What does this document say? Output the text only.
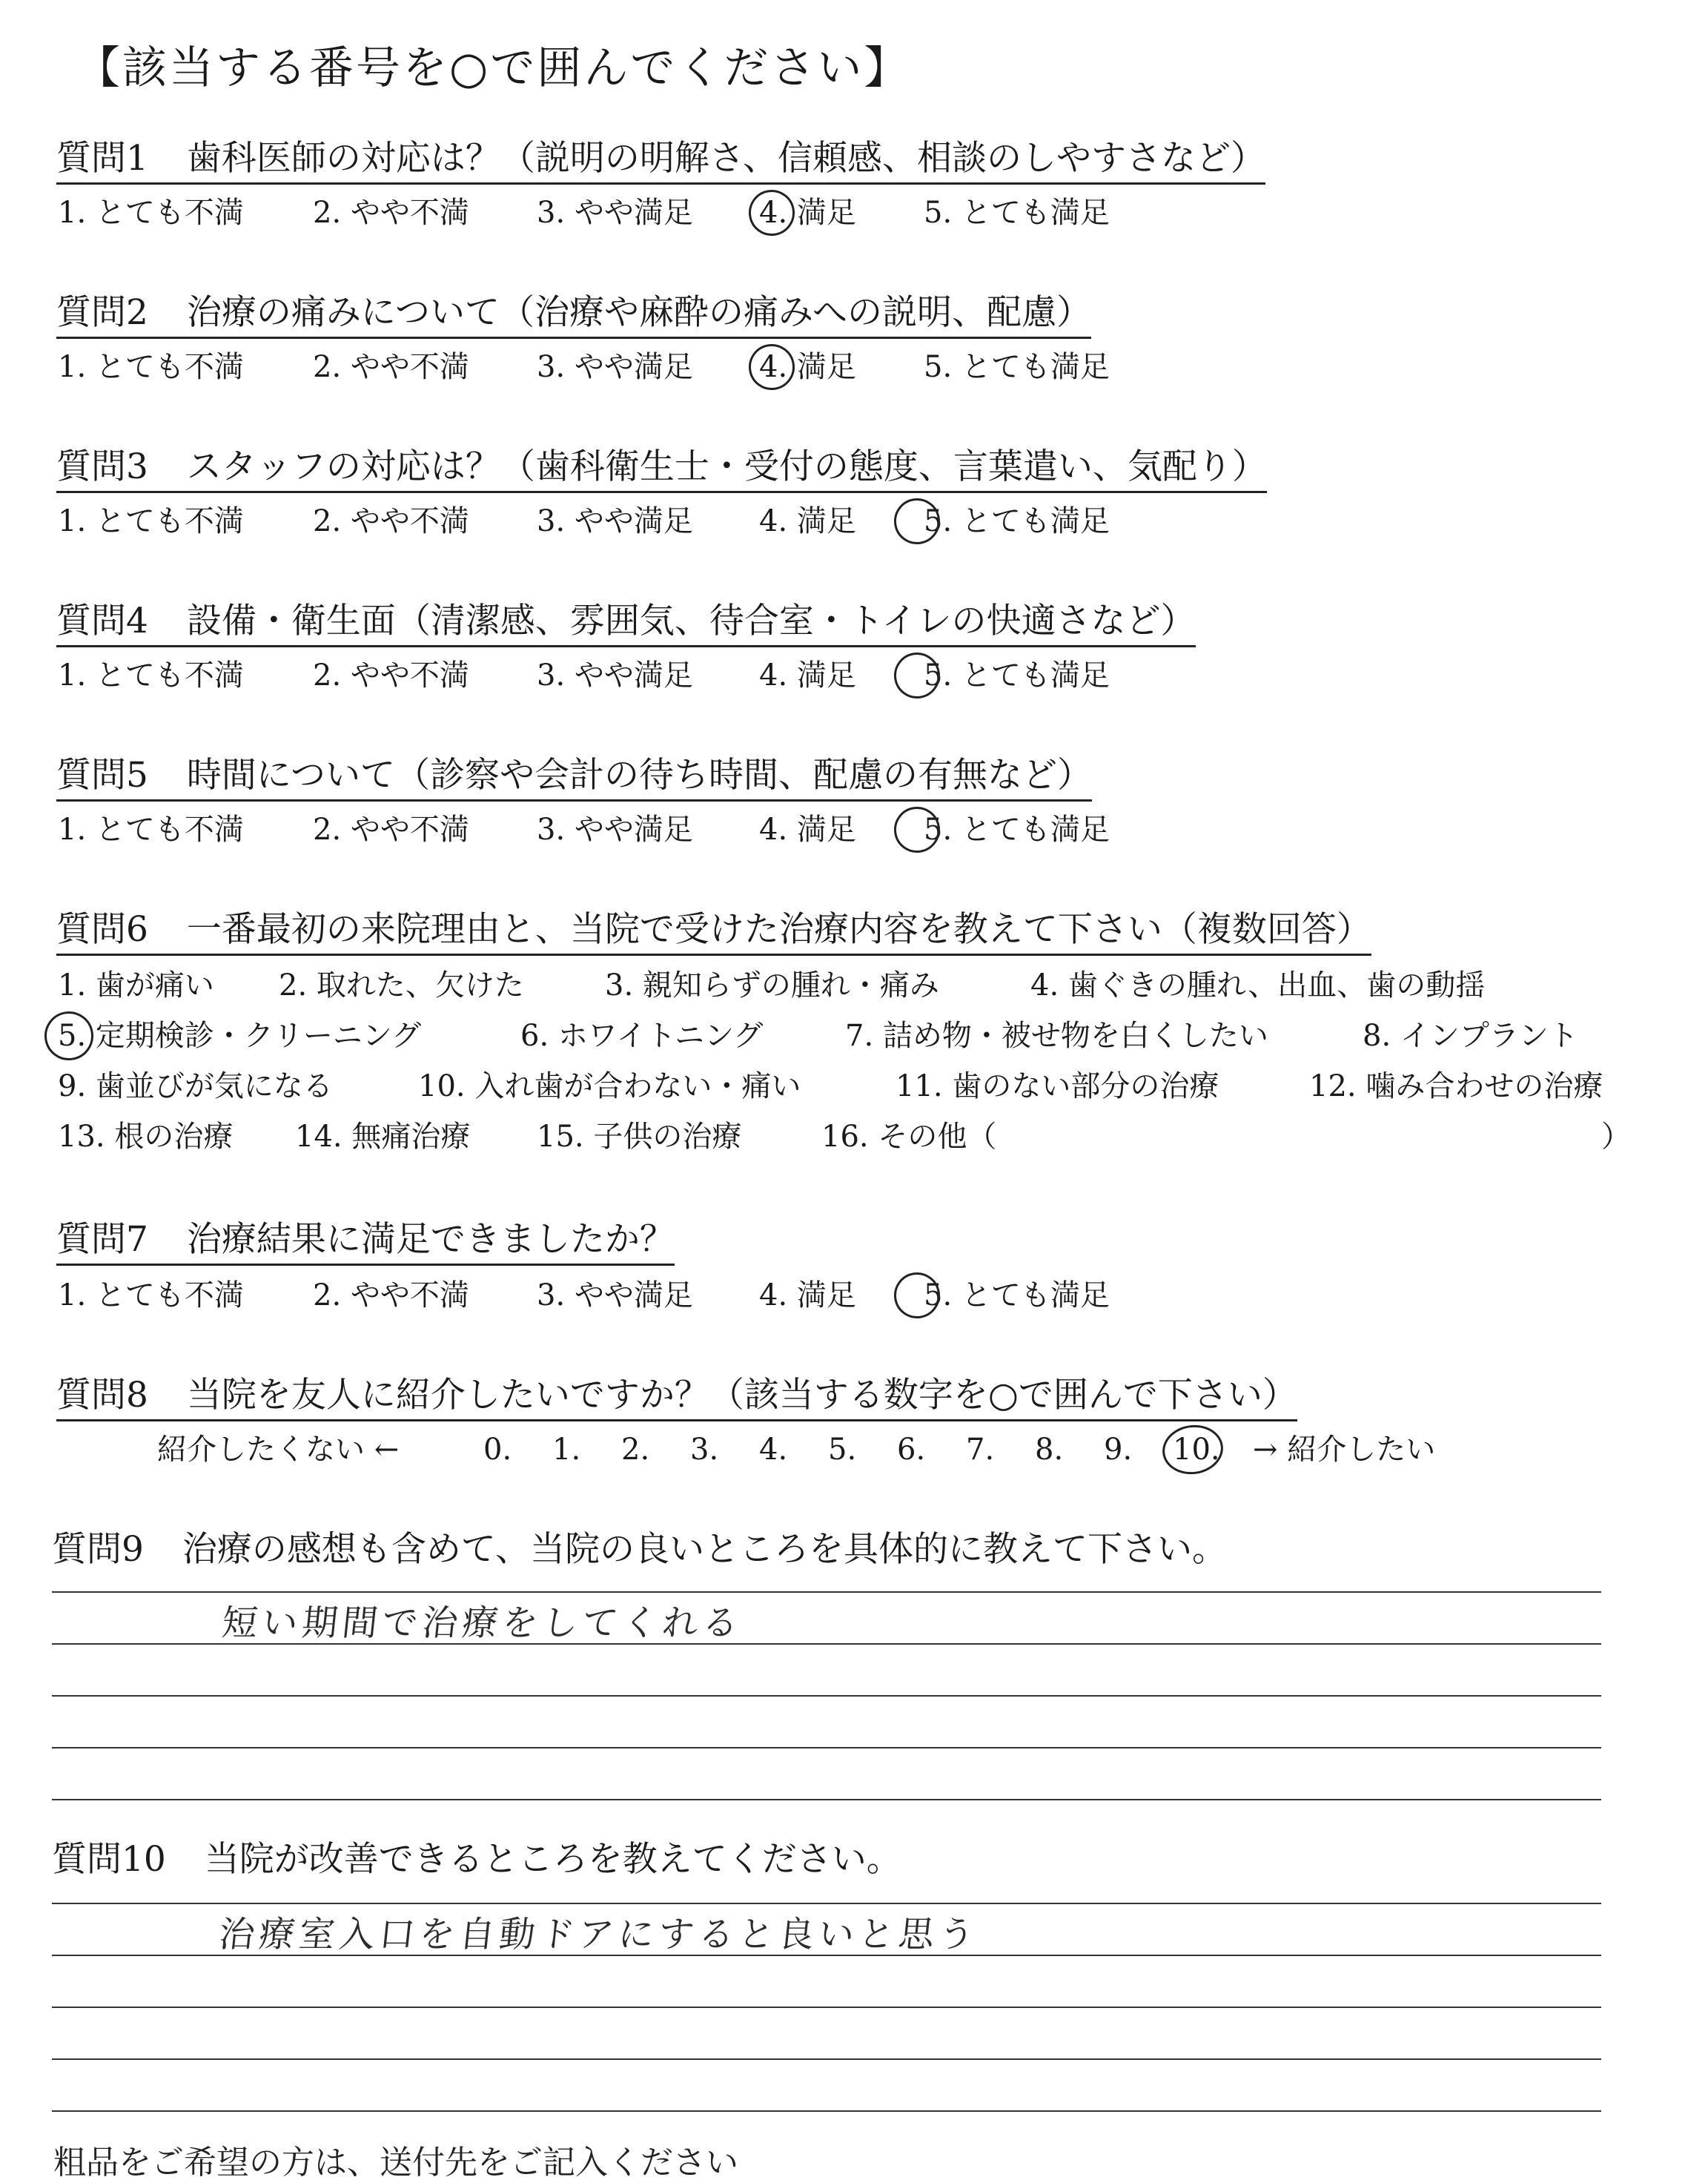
【該当する番号を○で囲んでください】
質問1 歯科医師の対応は？（説明の明解さ、信頼感、相談のしやすさなど）
1. とても不満 2. やや不満 3. やや満足 4. 満足 5. とても満足
質問2 治療の痛みについて（治療や麻酔の痛みへの説明、配慮）
1. とても不満 2. やや不満 3. やや満足 4. 満足 5. とても満足
質問3 スタッフの対応は？（歯科衛生士・受付の態度、言葉遣い、気配り）
1. とても不満 2. やや不満 3. やや満足 4. 満足 5. とても満足
質問4 設備・衛生面（清潔感、雰囲気、待合室・トイレの快適さなど）
1. とても不満 2. やや不満 3. やや満足 4. 満足 5. とても満足
質問5 時間について（診察や会計の待ち時間、配慮の有無など）
1. とても不満 2. やや不満 3. やや満足 4. 満足 5. とても満足
質問6 一番最初の来院理由と、当院で受けた治療内容を教えて下さい（複数回答）
1. 歯が痛い 2. 取れた、欠けた	3. 親知らずの腫れ・痛み	4. 歯ぐきの腫れ、出血、歯の動揺
5. 定期検診・クリーニング	6. ホワイトニング	7. 詰め物・被せ物を白くしたい	8. インプラント
9. 歯並びが気になる	10. 入れ歯が合わない・痛い	11. 歯のない部分の治療	12. 噛み合わせの治療
13. 根の治療 14. 無痛治療 15. 子供の治療	16. その他（	）
質問7 治療結果に満足できましたか？
1. とても不満 2. やや不満 3. やや満足 4. 満足 5. とても満足
質問8 当院を友人に紹介したいですか？（該当する数字を○で囲んで下さい）
紹介したくない ←	0. 1. 2. 3. 4. 5. 6. 7. 8. 9. 10. → 紹介したい
質問9 治療の感想も含めて、当院の良いところを具体的に教えて下さい。
短い期間で治療をしてくれる
質問10 当院が改善できるところを教えてください。
治療室入口を自動ドアにすると良いと思う
粗品をご希望の方は、送付先をご記入ください
